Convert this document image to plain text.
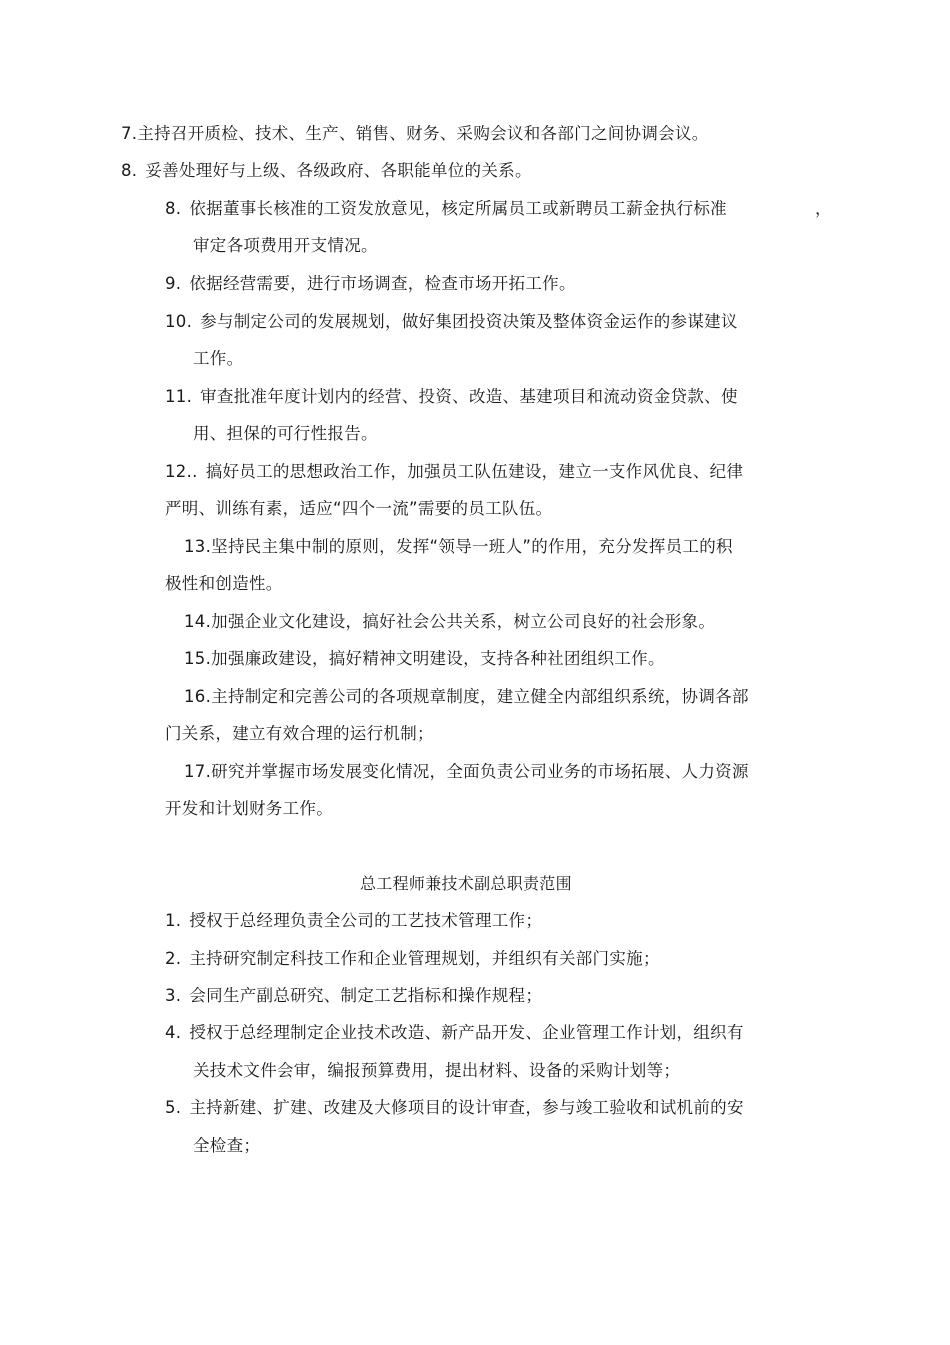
7.主持召开质检、技术、生产、销售、财务、采购会议和各部门之间协调会议。

8. 妥善处理好与上级、各级政府、各职能单位的关系。

8. 依据董事长核准的工资发放意见，核定所属员工或新聘员工薪金执行标准	，

审定各项费用开支情况。

9. 依据经营需要，进行市场调查，检查市场开拓工作。

10. 参与制定公司的发展规划，做好集团投资决策及整体资金运作的参谋建议

工作。

11. 审查批准年度计划内的经营、投资、改造、基建项目和流动资金贷款、使

用、担保的可行性报告。

12.. 搞好员工的思想政治工作，加强员工队伍建设，建立一支作风优良、纪律

严明、训练有素，适应“四个一流”需要的员工队伍。

13.坚持民主集中制的原则，发挥“领导一班人”的作用，充分发挥员工的积

极性和创造性。

14.加强企业文化建设，搞好社会公共关系，树立公司良好的社会形象。

15.加强廉政建设，搞好精神文明建设，支持各种社团组织工作。

16.主持制定和完善公司的各项规章制度，建立健全内部组织系统，协调各部

门关系，建立有效合理的运行机制；

17.研究并掌握市场发展变化情况，全面负责公司业务的市场拓展、人力资源

开发和计划财务工作。

总工程师兼技术副总职责范围

1. 授权于总经理负责全公司的工艺技术管理工作；

2. 主持研究制定科技工作和企业管理规划，并组织有关部门实施；

3. 会同生产副总研究、制定工艺指标和操作规程；

4. 授权于总经理制定企业技术改造、新产品开发、企业管理工作计划，组织有

关技术文件会审，编报预算费用，提出材料、设备的采购计划等；

5. 主持新建、扩建、改建及大修项目的设计审查，参与竣工验收和试机前的安

全检查；
